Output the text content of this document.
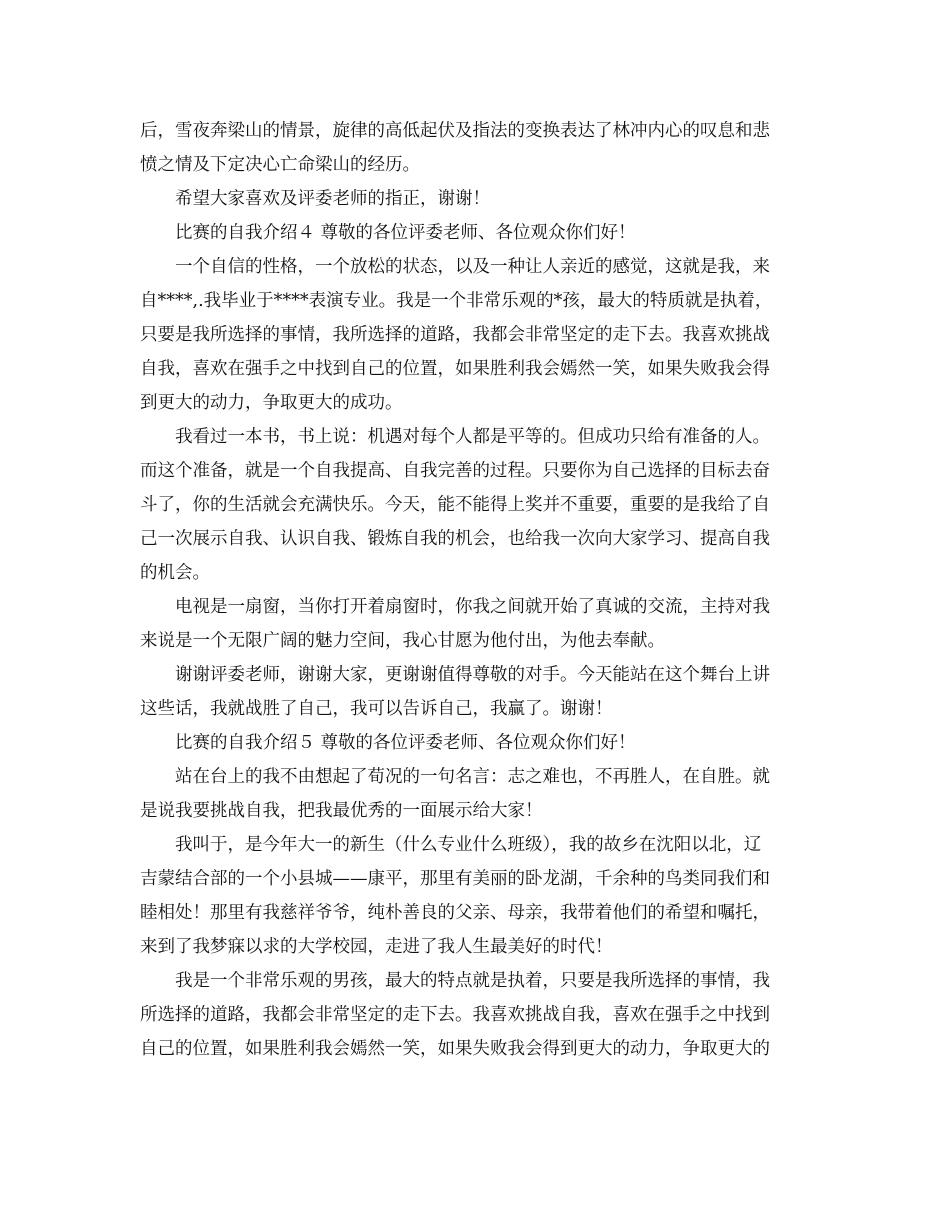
后，雪夜奔梁山的情景，旋律的高低起伏及指法的变换表达了林冲内心的叹息和悲
愤之情及下定决心亡命梁山的经历。
希望大家喜欢及评委老师的指正，谢谢！
比赛的自我介绍４ 尊敬的各位评委老师、各位观众你们好！
一个自信的性格，一个放松的状态，以及一种让人亲近的感觉，这就是我，来
自****,.我毕业于****表演专业。我是一个非常乐观的*孩，最大的特质就是执着，
只要是我所选择的事情，我所选择的道路，我都会非常坚定的走下去。我喜欢挑战
自我，喜欢在强手之中找到自己的位置，如果胜利我会嫣然一笑，如果失败我会得
到更大的动力，争取更大的成功。
我看过一本书，书上说：机遇对每个人都是平等的。但成功只给有准备的人。
而这个准备，就是一个自我提高、自我完善的过程。只要你为自己选择的目标去奋
斗了，你的生活就会充满快乐。今天，能不能得上奖并不重要，重要的是我给了自
己一次展示自我、认识自我、锻炼自我的机会，也给我一次向大家学习、提高自我
的机会。
电视是一扇窗，当你打开着扇窗时，你我之间就开始了真诚的交流，主持对我
来说是一个无限广阔的魅力空间，我心甘愿为他付出，为他去奉献。
谢谢评委老师，谢谢大家，更谢谢值得尊敬的对手。今天能站在这个舞台上讲
这些话，我就战胜了自己，我可以告诉自己，我赢了。谢谢！
比赛的自我介绍５ 尊敬的各位评委老师、各位观众你们好！
站在台上的我不由想起了荀况的一句名言：志之难也，不再胜人，在自胜。就
是说我要挑战自我，把我最优秀的一面展示给大家！
我叫于，是今年大一的新生（什么专业什么班级），我的故乡在沈阳以北，辽
吉蒙结合部的一个小县城——康平，那里有美丽的卧龙湖，千余种的鸟类同我们和
睦相处！那里有我慈祥爷爷，纯朴善良的父亲、母亲，我带着他们的希望和嘱托，
来到了我梦寐以求的大学校园，走进了我人生最美好的时代！
我是一个非常乐观的男孩，最大的特点就是执着，只要是我所选择的事情，我
所选择的道路，我都会非常坚定的走下去。我喜欢挑战自我，喜欢在强手之中找到
自己的位置，如果胜利我会嫣然一笑，如果失败我会得到更大的动力，争取更大的
